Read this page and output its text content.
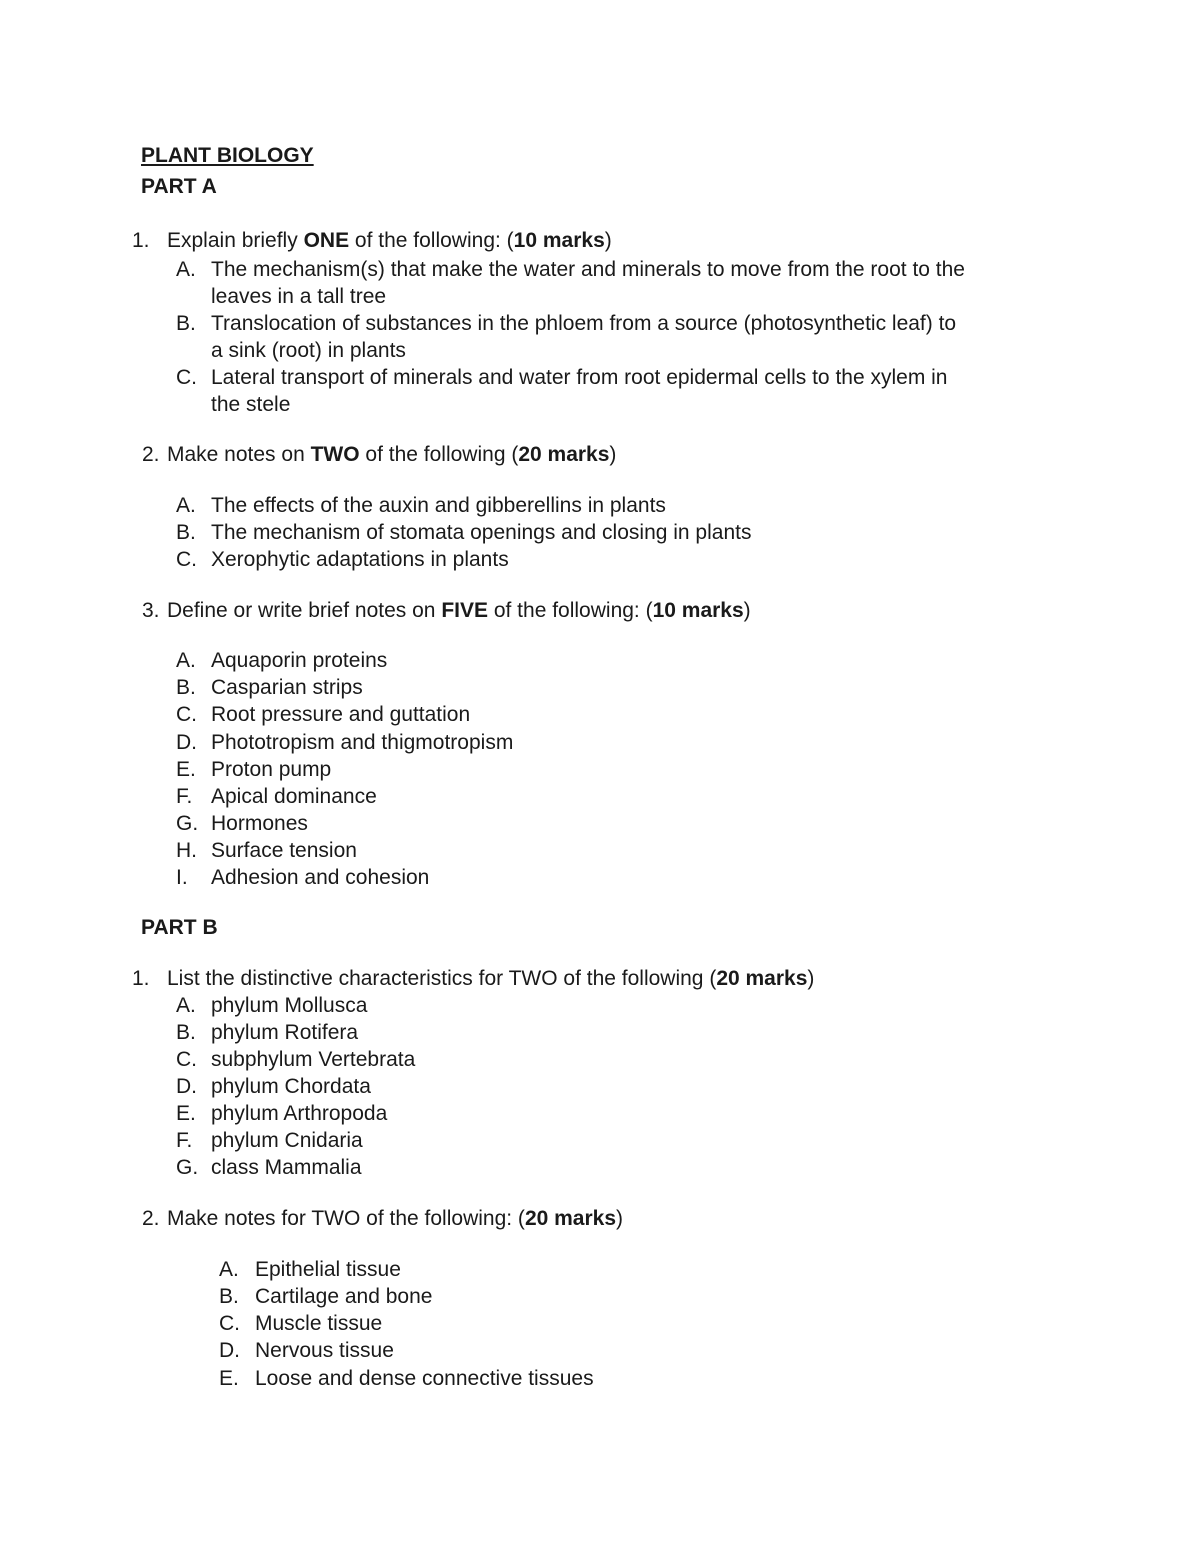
PLANT BIOLOGY
PART A
1. Explain briefly ONE of the following: (10 marks)
A. The mechanism(s) that make the water and minerals to move from the root to the
leaves in a tall tree
B. Translocation of substances in the phloem from a source (photosynthetic leaf) to
a sink (root) in plants
C. Lateral transport of minerals and water from root epidermal cells to the xylem in
the stele
2. Make notes on TWO of the following (20 marks)
A. The effects of the auxin and gibberellins in plants
B. The mechanism of stomata openings and closing in plants
C. Xerophytic adaptations in plants
3. Define or write brief notes on FIVE of the following: (10 marks)
A. Aquaporin proteins
B. Casparian strips
C. Root pressure and guttation
D. Phototropism and thigmotropism
E. Proton pump
F. Apical dominance
G. Hormones
H. Surface tension
I. Adhesion and cohesion
PART B
1. List the distinctive characteristics for TWO of the following (20 marks)
A. phylum Mollusca
B. phylum Rotifera
C. subphylum Vertebrata
D. phylum Chordata
E. phylum Arthropoda
F. phylum Cnidaria
G. class Mammalia
2. Make notes for TWO of the following: (20 marks)
A. Epithelial tissue
B. Cartilage and bone
C. Muscle tissue
D. Nervous tissue
E. Loose and dense connective tissues
